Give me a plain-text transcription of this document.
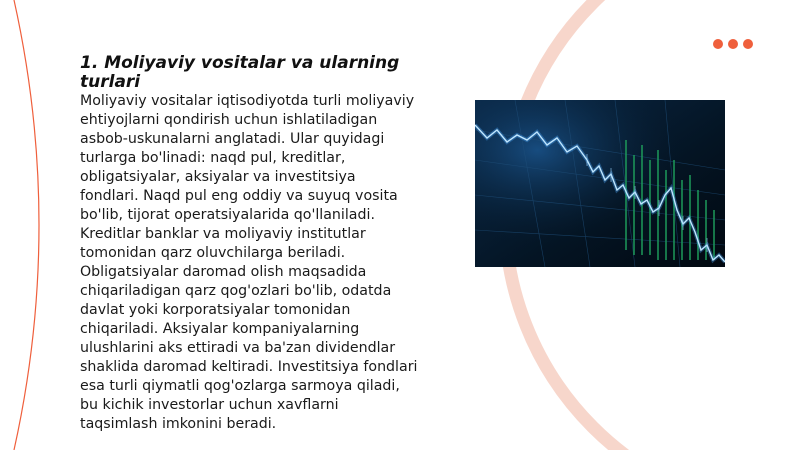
1. Moliyaviy vositalar va ularning turlari

Moliyaviy vositalar iqtisodiyotda turli moliyaviy ehtiyojlarni qondirish uchun ishlatiladigan asbob-uskunalarni anglatadi. Ular quyidagi turlarga bo'linadi: naqd pul, kreditlar, obligatsiyalar, aksiyalar va investitsiya fondlari. Naqd pul eng oddiy va suyuq vosita bo'lib, tijorat operatsiyalarida qo'llaniladi. Kreditlar banklar va moliyaviy institutlar tomonidan qarz oluvchilarga beriladi. Obligatsiyalar daromad olish maqsadida chiqariladigan qarz qog'ozlari bo'lib, odatda davlat yoki korporatsiyalar tomonidan chiqariladi. Aksiyalar kompaniyalarning ulushlarini aks ettiradi va ba'zan dividendlar shaklida daromad keltiradi. Investitsiya fondlari esa turli qiymatli qog'ozlarga sarmoya qiladi, bu kichik investorlar uchun xavflarni taqsimlash imkonini beradi.
